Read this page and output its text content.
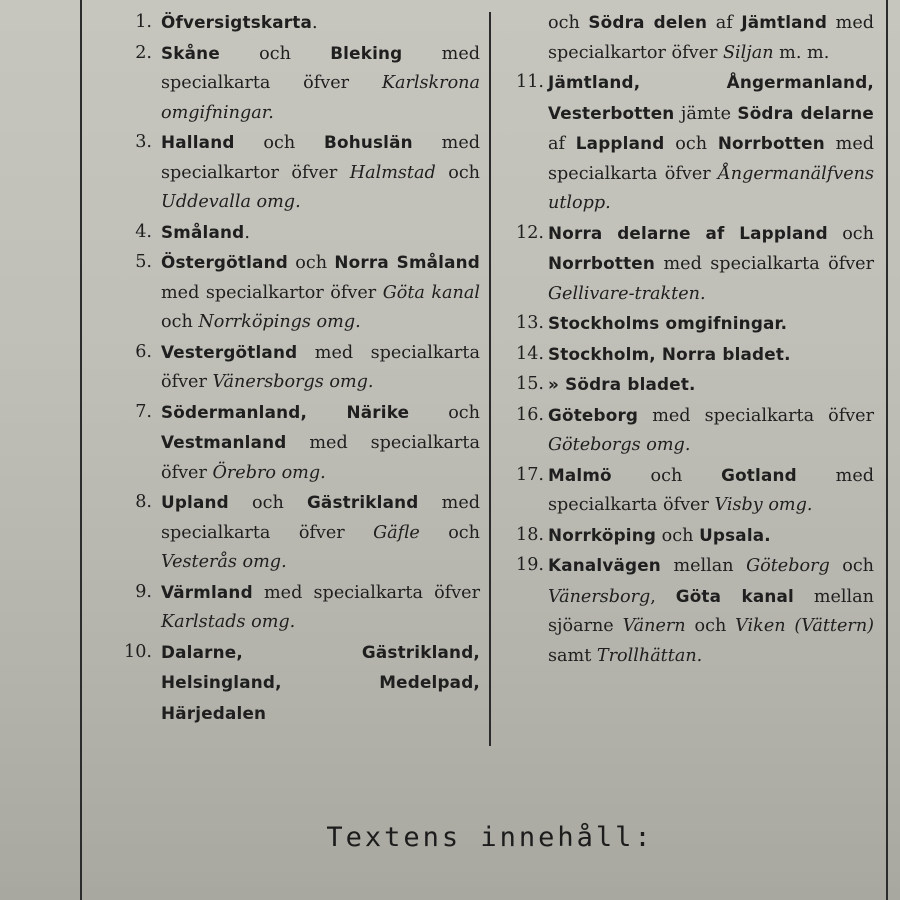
1. Öfversigtskarta.
2. Skåne och Bleking med specialkarta öfver Karlskrona omgifningar.
3. Halland och Bohuslän med specialkartor öfver Halmstad och Uddevalla omg.
4. Småland.
5. Östergötland och Norra Småland med specialkartor öfver Göta kanal och Norrköpings omg.
6. Vestergötland med specialkarta öfver Vänersborgs omg.
7. Södermanland, Närike och Vestmanland med specialkarta öfver Örebro omg.
8. Upland och Gästrikland med specialkarta öfver Gäfle och Vesterås omg.
9. Värmland med specialkarta öfver Karlstads omg.
10. Dalarne, Gästrikland, Helsingland, Medelpad, Härjedalen
och Södra delen af Jämtland med specialkartor öfver Siljan m. m.
11. Jämtland, Ångermanland, Vesterbotten jämte Södra delarne af Lappland och Norrbotten med specialkarta öfver Ångermanälfvens utlopp.
12. Norra delarne af Lappland och Norrbotten med specialkarta öfver Gellivare-trakten.
13. Stockholms omgifningar.
14. Stockholm, Norra bladet.
15. » Södra bladet.
16. Göteborg med specialkarta öfver Göteborgs omg.
17. Malmö och Gotland med specialkarta öfver Visby omg.
18. Norrköping och Upsala.
19. Kanalvägen mellan Göteborg och Vänersborg, Göta kanal mellan sjöarne Vänern och Viken (Vättern) samt Trollhättan.
Textens innehåll:
